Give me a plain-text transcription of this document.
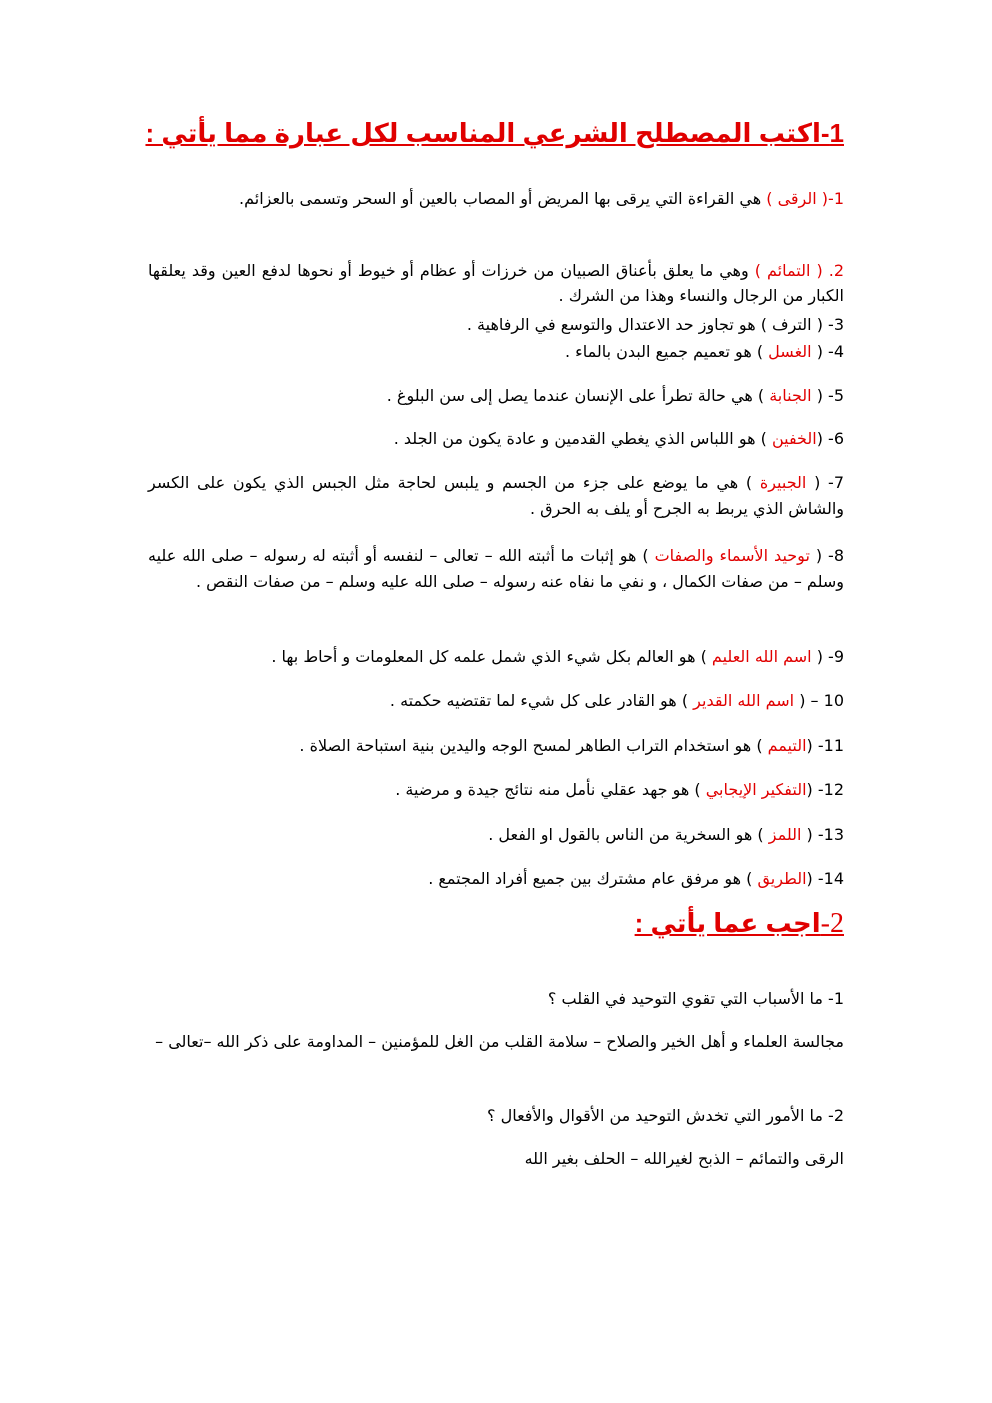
1-اكتب المصطلح الشرعي المناسب لكل عبارة مما يأتي :
1-( الرقى ) هي القراءة التي يرقى بها المريض أو المصاب بالعين أو السحر وتسمى بالعزائم.
2. ( التمائم ) وهي ما يعلق بأعناق الصبيان من خرزات أو عظام أو خيوط أو نحوها لدفع العين وقد يعلقها الكبار من الرجال والنساء وهذا من الشرك .
3- ( الترف ) هو تجاوز حد الاعتدال والتوسع في الرفاهية .
4- ( الغسل ) هو تعميم جميع البدن بالماء .
5- ( الجنابة ) هي حالة تطرأ على الإنسان عندما يصل إلى سن البلوغ .
6- (الخفين ) هو اللباس الذي يغطي القدمين و عادة يكون من الجلد .
7- ( الجبيرة ) هي ما يوضع على جزء من الجسم و يلبس لحاجة مثل الجبس الذي يكون على الكسر والشاش الذي يربط به الجرح أو يلف به الحرق .
8- ( توحيد الأسماء والصفات ) هو إثبات ما أثبته الله – تعالى – لنفسه أو أثبته له رسوله – صلى الله عليه وسلم – من صفات الكمال ، و نفي ما نفاه عنه رسوله – صلى الله عليه وسلم – من صفات النقص .
9- ( اسم الله العليم ) هو العالم بكل شيء الذي شمل علمه كل المعلومات و أحاط بها .
10 – ( اسم الله القدير ) هو القادر على كل شيء لما تقتضيه حكمته .
11- (التيمم ) هو استخدام التراب الطاهر لمسح الوجه واليدين بنية استباحة الصلاة .
12- (التفكير الإيجابي ) هو جهد عقلي نأمل منه نتائج جيدة و مرضية .
13- ( اللمز ) هو السخرية من الناس بالقول او الفعل .
14- (الطريق ) هو مرفق عام مشترك بين جميع أفراد المجتمع .
2-اجب عما يأتي :
1- ما الأسباب التي تقوي التوحيد في القلب ؟
مجالسة العلماء و أهل الخير والصلاح – سلامة القلب من الغل للمؤمنين – المداومة على ذكر الله –تعالى –
2- ما الأمور التي تخدش التوحيد من الأقوال والأفعال ؟
الرقى والتمائم – الذبح لغيرالله – الحلف بغير الله
